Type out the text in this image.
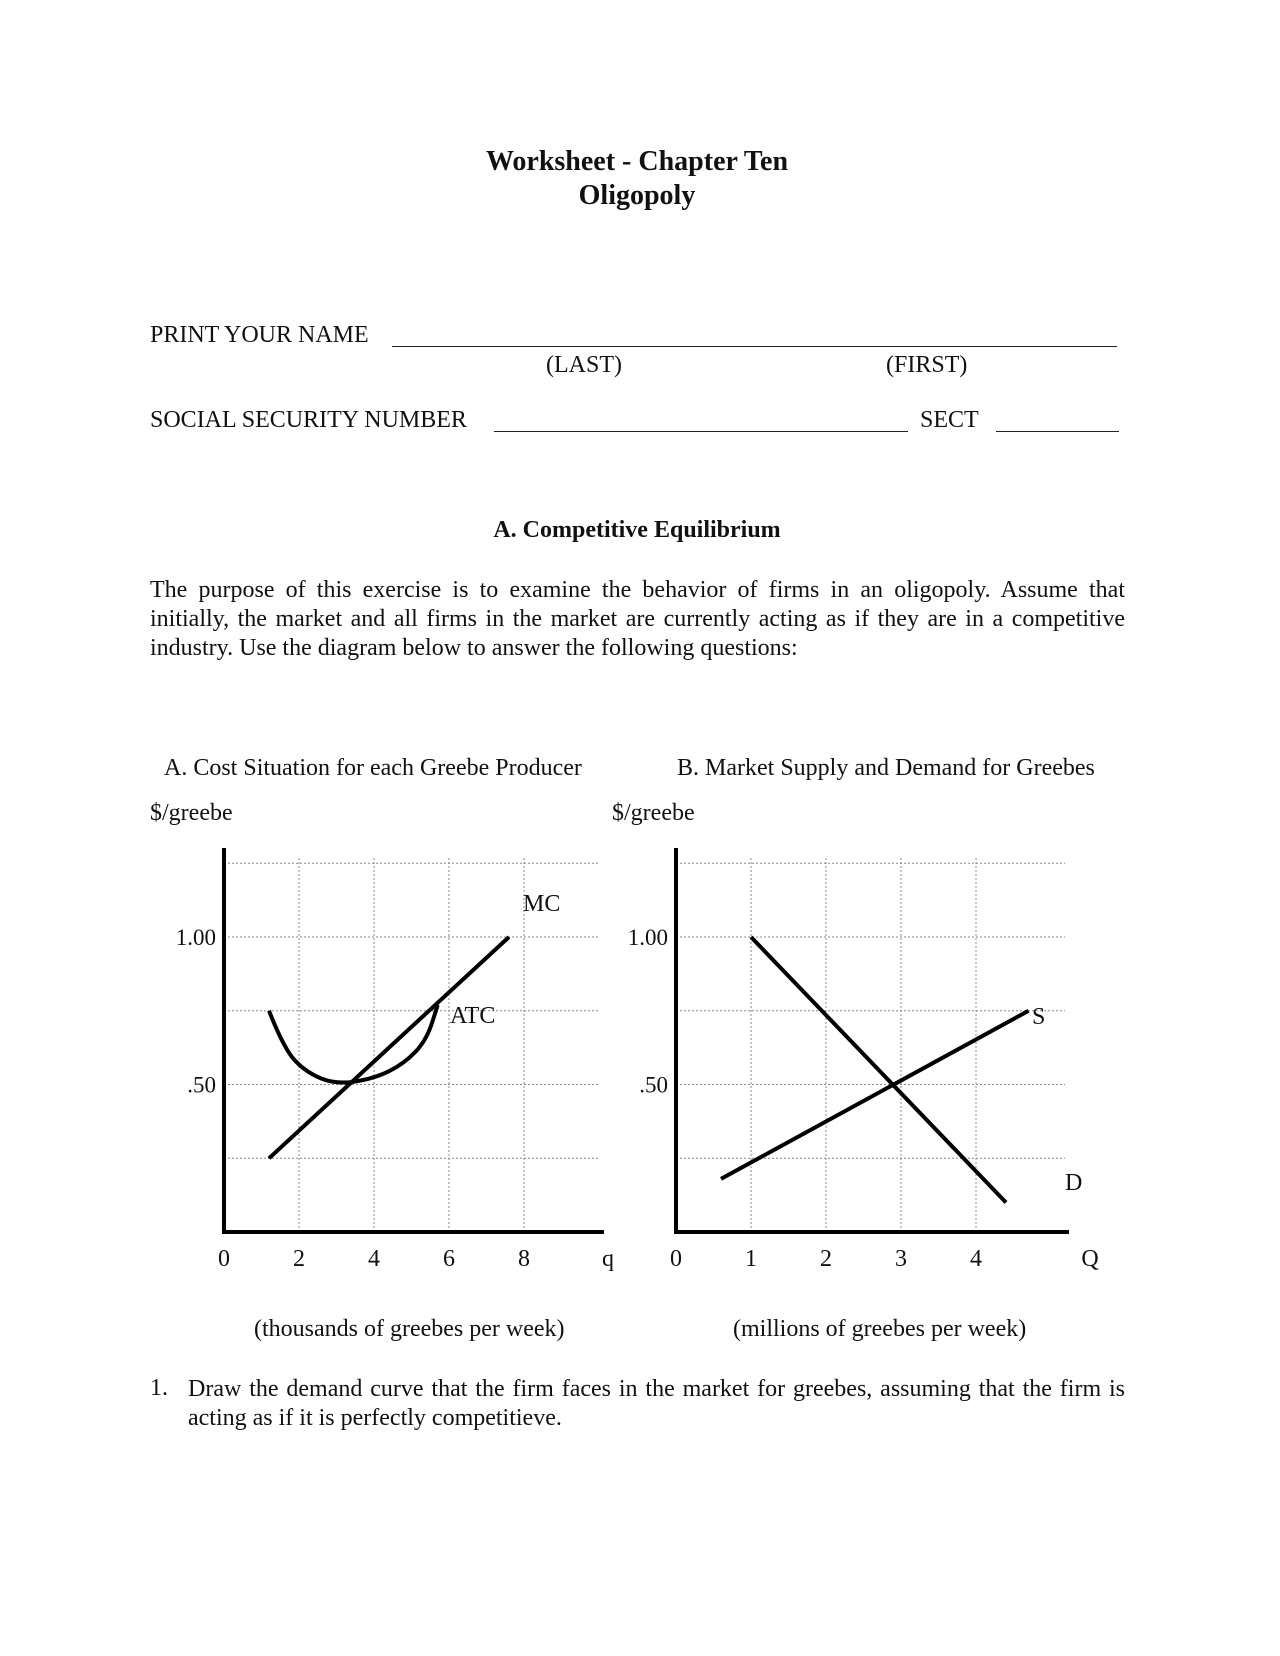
Worksheet - Chapter Ten
Oligopoly
PRINT YOUR NAME
(LAST)	(FIRST)
SOCIAL SECURITY NUMBER	SECT
A. Competitive Equilibrium
The purpose of this exercise is to examine the behavior of firms in an oligopoly. Assume that initially, the market and all firms in the market are currently acting as if they are in a competitive industry. Use the diagram below to answer the following questions:
A. Cost Situation for each Greebe Producer	B. Market Supply and Demand for Greebes
$/greebe
0	2	4	6	8	q
.50
1.00
MC
ATC
$/greebe
0	1	2	3	4	Q
.50
1.00
D
S
(thousands of greebes per week)	(millions of greebes per week)
1. Draw the demand curve that the firm faces in the market for greebes, assuming that the firm is acting as if it is perfectly competitieve.
